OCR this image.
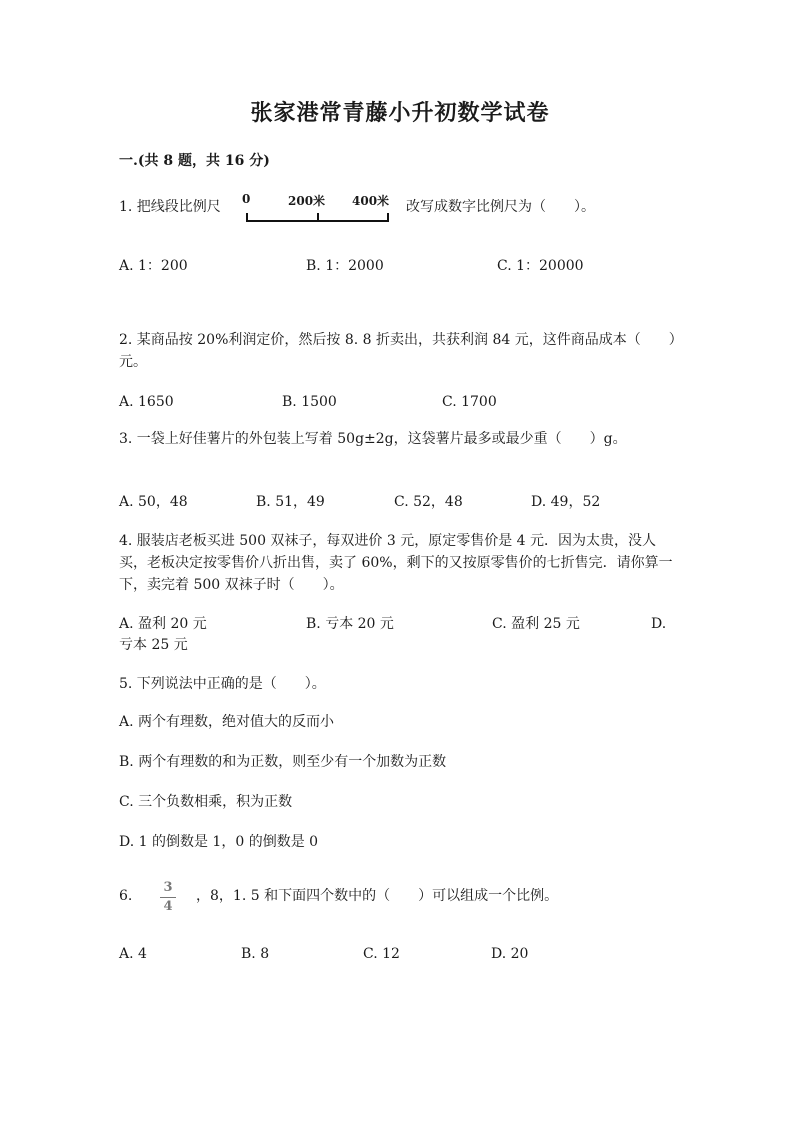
张家港常青藤小升初数学试卷
一.(共 8 题，共 16 分)
1. 把线段比例尺	0	200米 400米 改写成数字比例尺为（　　）。
A. 1：200	B. 1：2000	C. 1：20000
2. 某商品按 20%利润定价，然后按 8. 8 折卖出，共获利润 84 元，这件商品成本（　　）元。
A. 1650	B. 1500	C. 1700
3. 一袋上好佳薯片的外包装上写着 50g±2g，这袋薯片最多或最少重（　　）g。
A. 50，48	B. 51，49	C. 52，48	D. 49，52
4. 服装店老板买进 500 双袜子，每双进价 3 元，原定零售价是 4 元．因为太贵，没人买，老板决定按零售价八折出售，卖了 60%，剩下的又按原零售价的七折售完．请你算一下，卖完着 500 双袜子时（　　）。
A. 盈利 20 元	B. 亏本 20 元	C. 盈利 25 元	D.
亏本 25 元
5. 下列说法中正确的是（　　）。
A. 两个有理数，绝对值大的反而小
B. 两个有理数的和为正数，则至少有一个加数为正数
C. 三个负数相乘，积为正数
D. 1 的倒数是 1，0 的倒数是 0
6.
3
4
，8，1. 5 和下面四个数中的（　　）可以组成一个比例。
A. 4	B. 8	C. 12	D. 20
